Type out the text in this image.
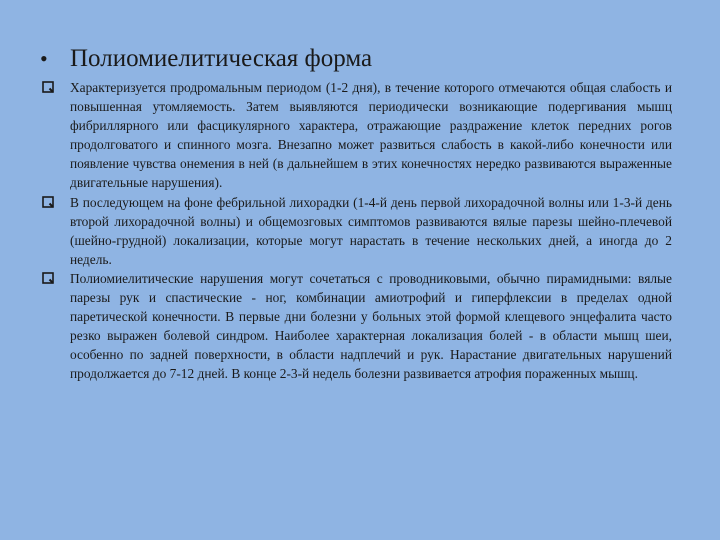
• Полиомиелитическая форма
Характеризуется продромальным периодом (1-2 дня), в течение которого отмечаются общая слабость и повышенная утомляемость. Затем выявляются периодически возникающие подергивания мышц фибриллярного или фасцикулярного характера, отражающие раздражение клеток передних рогов продолговатого и спинного мозга. Внезапно может развиться слабость в какой-либо конечности или появление чувства онемения в ней (в дальнейшем в этих конечностях нередко развиваются выраженные двигательные нарушения).
В последующем на фоне фебрильной лихорадки (1-4-й день первой лихорадочной волны или 1-3-й день второй лихорадочной волны) и общемозговых симптомов развиваются вялые парезы шейно-плечевой (шейно-грудной) локализации, которые могут нарастать в течение нескольких дней, а иногда до 2 недель.
Полиомиелитические нарушения могут сочетаться с проводниковыми, обычно пирамидными: вялые парезы рук и спастические - ног, комбинации амиотрофий и гиперфлексии в пределах одной паретической конечности. В первые дни болезни у больных этой формой клещевого энцефалита часто резко выражен болевой синдром. Наиболее характерная локализация болей - в области мышц шеи, особенно по задней поверхности, в области надплечий и рук. Нарастание двигательных нарушений продолжается до 7-12 дней. В конце 2-3-й недель болезни развивается атрофия пораженных мышц.
